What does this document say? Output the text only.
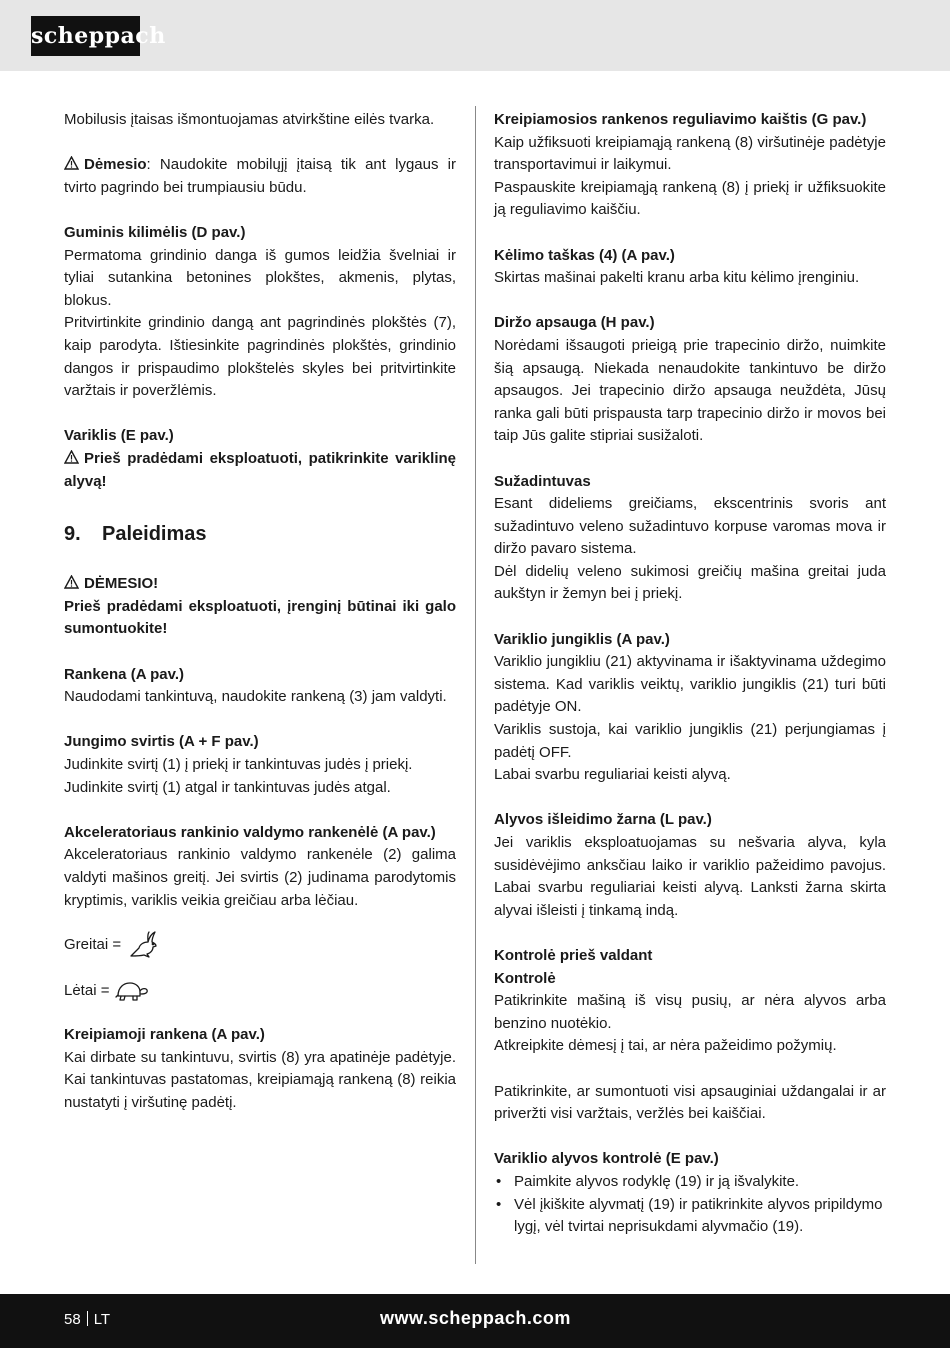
scheppach

Mobilusis įtaisas išmontuojamas atvirkštine eilės tvarka.

Dėmesio: Naudokite mobilųjį įtaisą tik ant lygaus ir tvirto pagrindo bei trumpiausiu būdu.

Guminis kilimėlis (D pav.)

Permatoma grindinio danga iš gumos leidžia švelniai ir tyliai sutankina betonines plokštes, akmenis, plytas, blokus.

Pritvirtinkite grindinio dangą ant pagrindinės plokštės (7), kaip parodyta. Ištiesinkite pagrindinės plokštės, grindinio dangos ir prispaudimo plokštelės skyles bei pritvirtinkite varžtais ir poveržlėmis.

Variklis (E pav.)

Prieš pradėdami eksploatuoti, patikrinkite variklinę alyvą!

9. Paleidimas

DĖMESIO!

Prieš pradėdami eksploatuoti, įrenginį būtinai iki galo sumontuokite!

Rankena (A pav.)

Naudodami tankintuvą, naudokite rankeną (3) jam valdyti.

Jungimo svirtis (A + F pav.)

Judinkite svirtį (1) į priekį ir tankintuvas judės į priekį.

Judinkite svirtį (1) atgal ir tankintuvas judės atgal.

Akceleratoriaus rankinio valdymo rankenėlė (A pav.)

Akceleratoriaus rankinio valdymo rankenėle (2) galima valdyti mašinos greitį. Jei svirtis (2) judinama parodytomis kryptimis, variklis veikia greičiau arba lėčiau.

Greitai =
Lėtai =

Kreipiamoji rankena (A pav.)

Kai dirbate su tankintuvu, svirtis (8) yra apatinėje padėtyje. Kai tankintuvas pastatomas, kreipiamąją rankeną (8) reikia nustatyti į viršutinę padėtį.

Kreipiamosios rankenos reguliavimo kaištis (G pav.)

Kaip užfiksuoti kreipiamąją rankeną (8) viršutinėje padėtyje transportavimui ir laikymui.

Paspauskite kreipiamąją rankeną (8) į priekį ir užfiksuokite ją reguliavimo kaiščiu.

Kėlimo taškas (4) (A pav.)

Skirtas mašinai pakelti kranu arba kitu kėlimo įrenginiu.

Diržo apsauga (H pav.)

Norėdami išsaugoti prieigą prie trapecinio diržo, nuimkite šią apsaugą. Niekada nenaudokite tankintuvo be diržo apsaugos. Jei trapecinio diržo apsauga neuždėta, Jūsų ranka gali būti prispausta tarp trapecinio diržo ir movos bei taip Jūs galite stipriai susižaloti.

Sužadintuvas

Esant dideliems greičiams, ekscentrinis svoris ant sužadintuvo veleno sužadintuvo korpuse varomas mova ir diržo pavaro sistema.

Dėl didelių veleno sukimosi greičių mašina greitai juda aukštyn ir žemyn bei į priekį.

Variklio jungiklis (A pav.)

Variklio jungikliu (21) aktyvinama ir išaktyvinama uždegimo sistema. Kad variklis veiktų, variklio jungiklis (21) turi būti padėtyje ON.

Variklis sustoja, kai variklio jungiklis (21) perjungiamas į padėtį OFF.

Labai svarbu reguliariai keisti alyvą.

Alyvos išleidimo žarna (L pav.)

Jei variklis eksploatuojamas su nešvaria alyva, kyla susidėvėjimo anksčiau laiko ir variklio pažeidimo pavojus. Labai svarbu reguliariai keisti alyvą. Lanksti žarna skirta alyvai išleisti į tinkamą indą.

Kontrolė prieš valdant

Kontrolė

Patikrinkite mašiną iš visų pusių, ar nėra alyvos arba benzino nuotėkio.

Atkreipkite dėmesį į tai, ar nėra pažeidimo požymių.

Patikrinkite, ar sumontuoti visi apsauginiai uždangalai ir ar priveržti visi varžtais, veržlės bei kaiščiai.

Variklio alyvos kontrolė (E pav.)

• Paimkite alyvos rodyklę (19) ir ją išvalykite.
• Vėl įkiškite alyvmatį (19) ir patikrinkite alyvos pripildymo lygį, vėl tvirtai neprisukdami alyvmačio (19).
58 LT	www.scheppach.com
